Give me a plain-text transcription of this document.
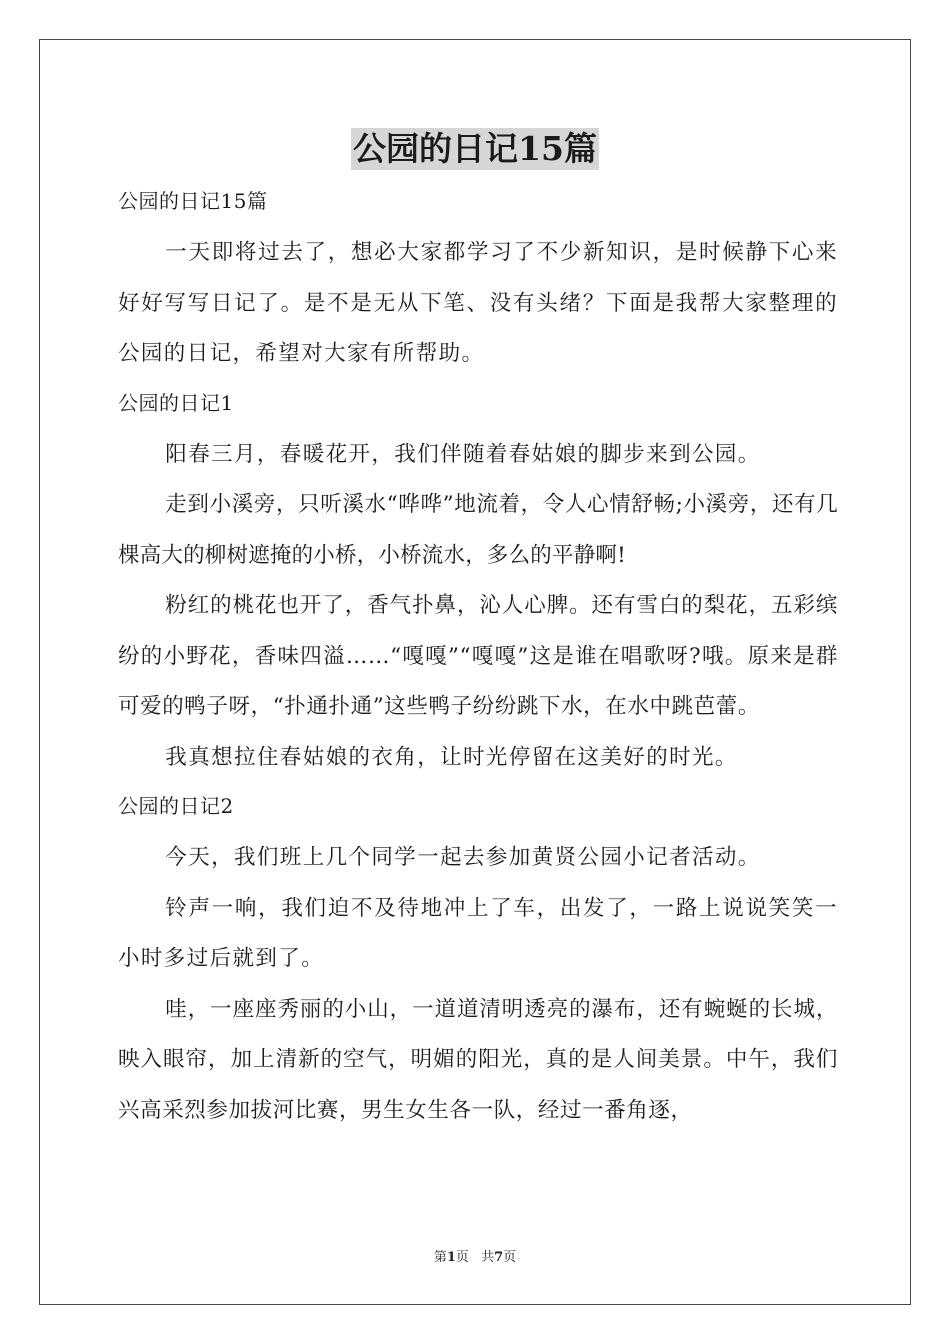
公园的日记15篇

公园的日记15篇

一天即将过去了，想必大家都学习了不少新知识，是时候静下心来好好写写日记了。是不是无从下笔、没有头绪？下面是我帮大家整理的公园的日记，希望对大家有所帮助。

公园的日记1

阳春三月，春暖花开，我们伴随着春姑娘的脚步来到公园。

走到小溪旁，只听溪水“哗哗”地流着，令人心情舒畅;小溪旁，还有几棵高大的柳树遮掩的小桥，小桥流水，多么的平静啊!

粉红的桃花也开了，香气扑鼻，沁人心脾。还有雪白的梨花，五彩缤纷的小野花，香味四溢……“嘎嘎”“嘎嘎”这是谁在唱歌呀?哦。原来是群可爱的鸭子呀，“扑通扑通”这些鸭子纷纷跳下水，在水中跳芭蕾。

我真想拉住春姑娘的衣角，让时光停留在这美好的时光。

公园的日记2

今天，我们班上几个同学一起去参加黄贤公园小记者活动。

铃声一响，我们迫不及待地冲上了车，出发了，一路上说说笑笑一小时多过后就到了。

哇，一座座秀丽的小山，一道道清明透亮的瀑布，还有蜿蜒的长城，映入眼帘，加上清新的空气，明媚的阳光，真的是人间美景。中午，我们兴高采烈参加拔河比赛，男生女生各一队，经过一番角逐，

第1页 共7页
